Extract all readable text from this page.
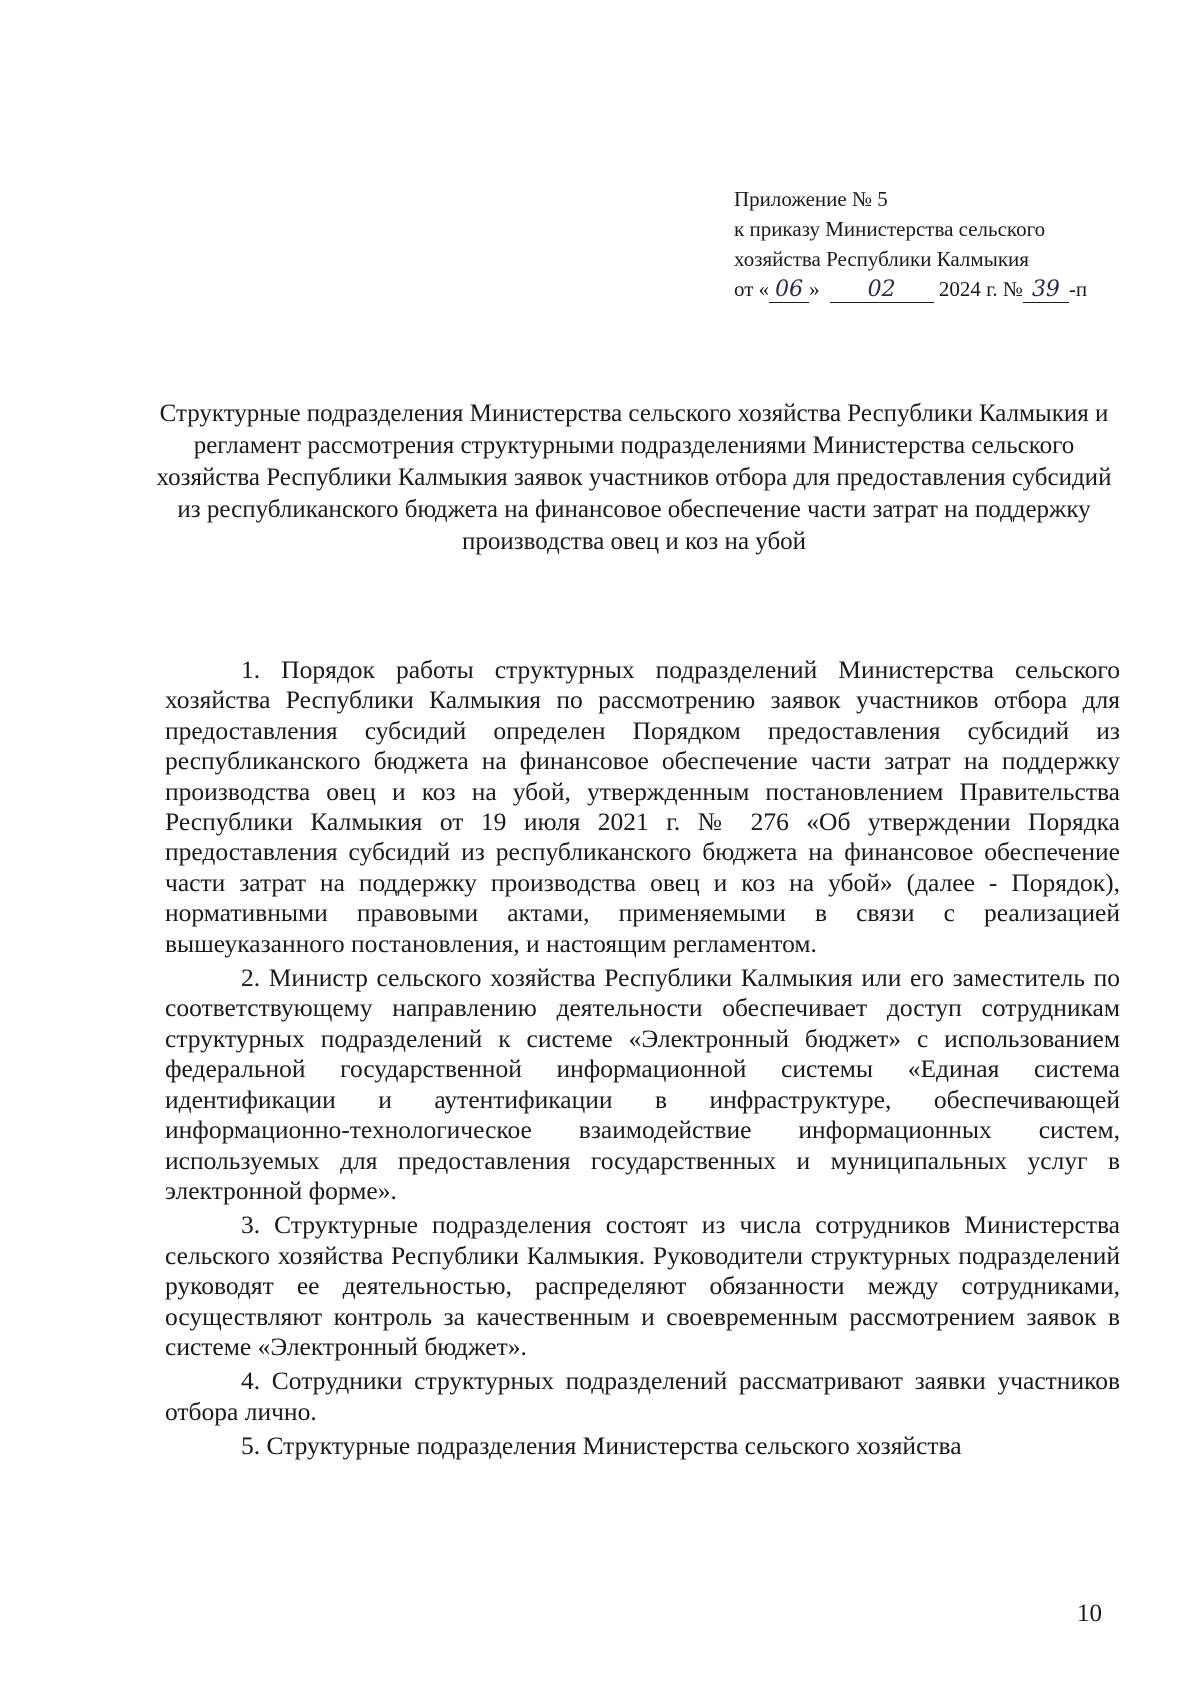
Приложение № 5
к приказу Министерства сельского
хозяйства Республики Калмыкия
от « 06 » 02 2024 г. № 39 -п
Структурные подразделения Министерства сельского хозяйства Республики Калмыкия и регламент рассмотрения структурными подразделениями Министерства сельского хозяйства Республики Калмыкия заявок участников отбора для предоставления субсидий из республиканского бюджета на финансовое обеспечение части затрат на поддержку производства овец и коз на убой

1. Порядок работы структурных подразделений Министерства сельского хозяйства Республики Калмыкия по рассмотрению заявок участников отбора для предоставления субсидий определен Порядком предоставления субсидий из республиканского бюджета на финансовое обеспечение части затрат на поддержку производства овец и коз на убой, утвержденным постановлением Правительства Республики Калмыкия от 19 июля 2021 г. № 276 «Об утверждении Порядка предоставления субсидий из республиканского бюджета на финансовое обеспечение части затрат на поддержку производства овец и коз на убой» (далее - Порядок), нормативными правовыми актами, применяемыми в связи с реализацией вышеуказанного постановления, и настоящим регламентом.

2. Министр сельского хозяйства Республики Калмыкия или его заместитель по соответствующему направлению деятельности обеспечивает доступ сотрудникам структурных подразделений к системе «Электронный бюджет» с использованием федеральной государственной информационной системы «Единая система идентификации и аутентификации в инфраструктуре, обеспечивающей информационно-технологическое взаимодействие информационных систем, используемых для предоставления государственных и муниципальных услуг в электронной форме».

3. Структурные подразделения состоят из числа сотрудников Министерства сельского хозяйства Республики Калмыкия. Руководители структурных подразделений руководят ее деятельностью, распределяют обязанности между сотрудниками, осуществляют контроль за качественным и своевременным рассмотрением заявок в системе «Электронный бюджет».

4. Сотрудники структурных подразделений рассматривают заявки участников отбора лично.

5. Структурные подразделения Министерства сельского хозяйства

10
